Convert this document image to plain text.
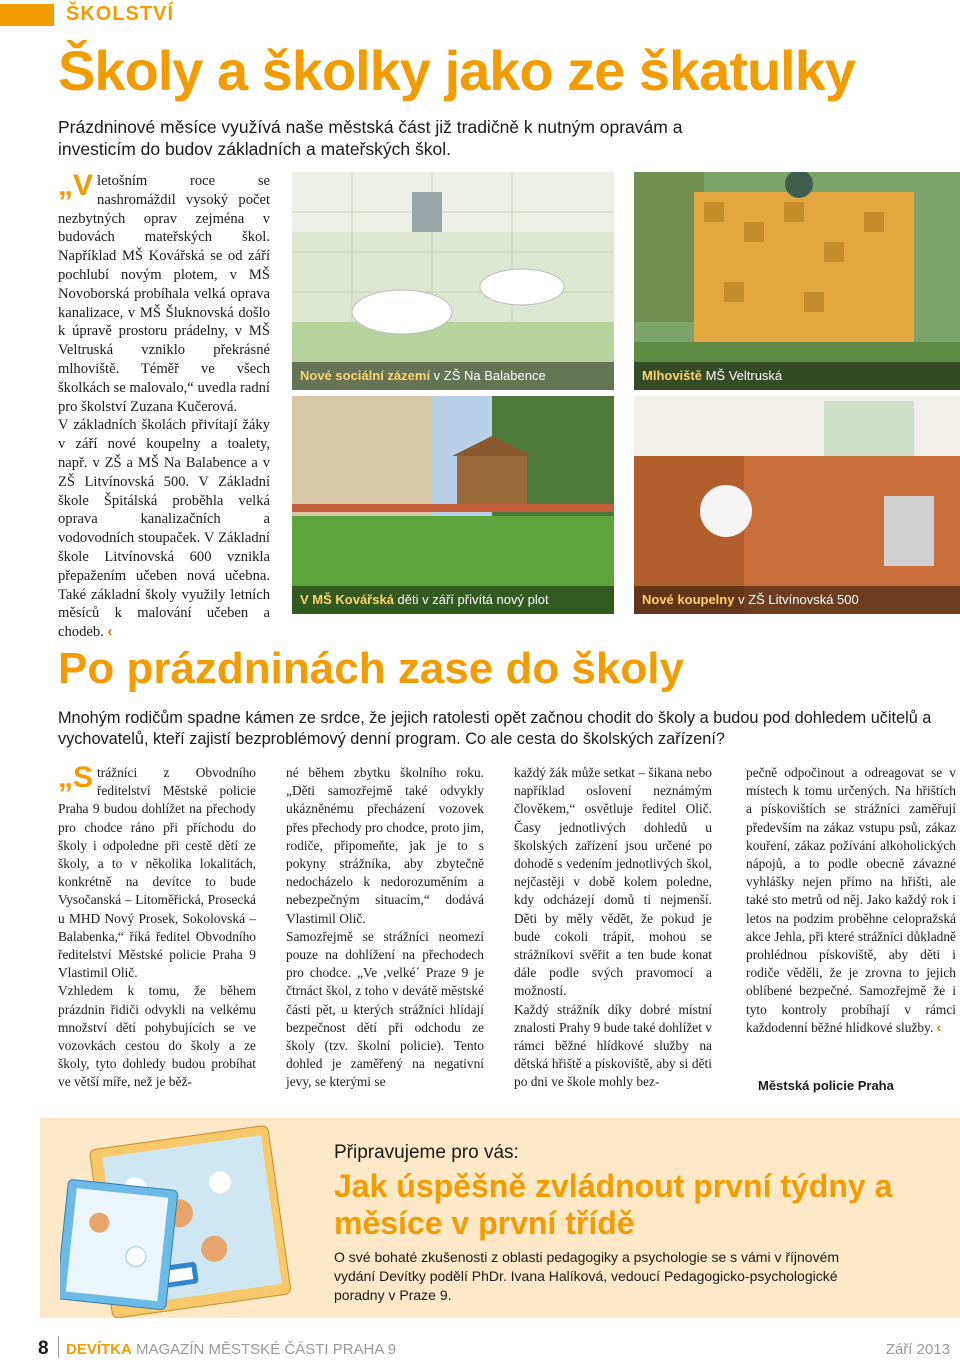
ŠKOLSTVÍ
Školy a školky jako ze škatulky
Prázdninové měsíce využívá naše městská část již tradičně k nutným opravám a investicím do budov základních a mateřských škol.
„V letošním roce se nashromáždil vysoký počet nezbytných oprav zejména v budovách mateřských škol. Například MŠ Kovářská se od září pochlubí novým plotem, v MŠ Novoborská probíhala velká oprava kanalizace, v MŠ Šluknovská došlo k úpravě prostoru prádelny, v MŠ Veltruská vzniklo překrásné mlhoviště. Téměř ve všech školkách se malovalo,“ uvedla radní pro školství Zuzana Kučerová.
V základních školách přivítají žáky v září nové koupelny a toalety, např. v ZŠ a MŠ Na Balabence a v ZŠ Litvínovská 500. V Základní škole Špitálská proběhla velká oprava kanalizačních a vodovodních stoupaček. V Základní škole Litvínovská 600 vznikla přepažením učeben nová učebna. Také základní školy využily letních měsíců k malování učeben a chodeb. ‹
Nové sociální zázemí v ZŠ Na Balabence	Mlhoviště MŠ Veltruská
V MŠ Kovářská děti v září přivítá nový plot	Nové koupelny v ZŠ Litvínovská 500
Po prázdninách zase do školy
Mnohým rodičům spadne kámen ze srdce, že jejich ratolesti opět začnou chodit do školy a budou pod dohledem učitelů a vychovatelů, kteří zajistí bezproblémový denní program. Co ale cesta do školských zařízení?

„S trážníci z Obvodního ředitelství Městské policie Praha 9 budou dohlížet na přechody pro chodce ráno při příchodu do školy i odpoledne při cestě dětí ze školy, a to v několika lokalitách, konkrétně na devítce to bude Vysočanská – Litoměřická, Prosecká u MHD Nový Prosek, Sokolovská – Balabenka,“ říká ředitel Obvodního ředitelství Městské policie Praha 9 Vlastimil Olič.

Vzhledem k tomu, že během prázdnin řidiči odvykli na velkému množství dětí pohybujících se ve vozovkách cestou do školy a ze školy, tyto dohledy budou probíhat ve větší míře, než je běž-

né během zbytku školního roku. „Děti samozřejmě také odvykly ukázněnému přecházení vozovek přes přechody pro chodce, proto jim, rodiče, připomeňte, jak je to s pokyny strážníka, aby zbytečně nedocházelo k nedorozuměním a nebezpečným situacím,“ dodává Vlastimil Olič.

Samozřejmě se strážníci neomezí pouze na dohlížení na přechodech pro chodce. „Ve ,velké´ Praze 9 je čtrnáct škol, z toho v devátě městské části pět, u kterých strážníci hlídají bezpečnost dětí při odchodu ze školy (tzv. školní policie). Tento dohled je zaměřený na negativní jevy, se kterými se

každý žák může setkat – šikana nebo například oslovení neznámým člověkem,“ osvětluje ředitel Olič. Časy jednotlivých dohledů u školských zařízení jsou určené po dohodě s vedením jednotlivých škol, nejčastěji v době kolem poledne, kdy odcházejí domů ti nejmenší. Děti by měly vědět, že pokud je bude cokoli trápit, mohou se strážníkovi svěřit a ten bude konat dále podle svých pravomocí a možností.

Každý strážník díky dobré místní znalosti Prahy 9 bude také dohlížet v rámci běžné hlídkové služby na dětská hřiště a pískoviště, aby si děti po dni ve škole mohly bez-

pečně odpočinout a odreagovat se v místech k tomu určených. Na hřištích a pískovištích se strážníci zaměřují především na zákaz vstupu psů, zákaz kouření, zákaz požívání alkoholických nápojů, a to podle obecně závazné vyhlášky nejen přímo na hřišti, ale také sto metrů od něj. Jako každý rok i letos na podzim proběhne celopražská akce Jehla, při které strážníci důkladně prohlédnou pískoviště, aby děti i rodiče věděli, že je zrovna to jejich oblíbené bezpečné. Samozřejmě že i tyto kontroly probíhají v rámci každodenní běžné hlídkové služby. ‹

Městská policie Praha
Připravujeme pro vás:
Jak úspěšně zvládnout první týdny a měsíce v první třídě
O své bohaté zkušenosti z oblasti pedagogiky a psychologie se s vámi v říjnovém vydání Devítky podělí PhDr. Ivana Halíková, vedoucí Pedagogicko-psychologické poradny v Praze 9.
8 DEVÍTKA MAGAZÍN MĚSTSKÉ ČÁSTI PRAHA 9	Září 2013
